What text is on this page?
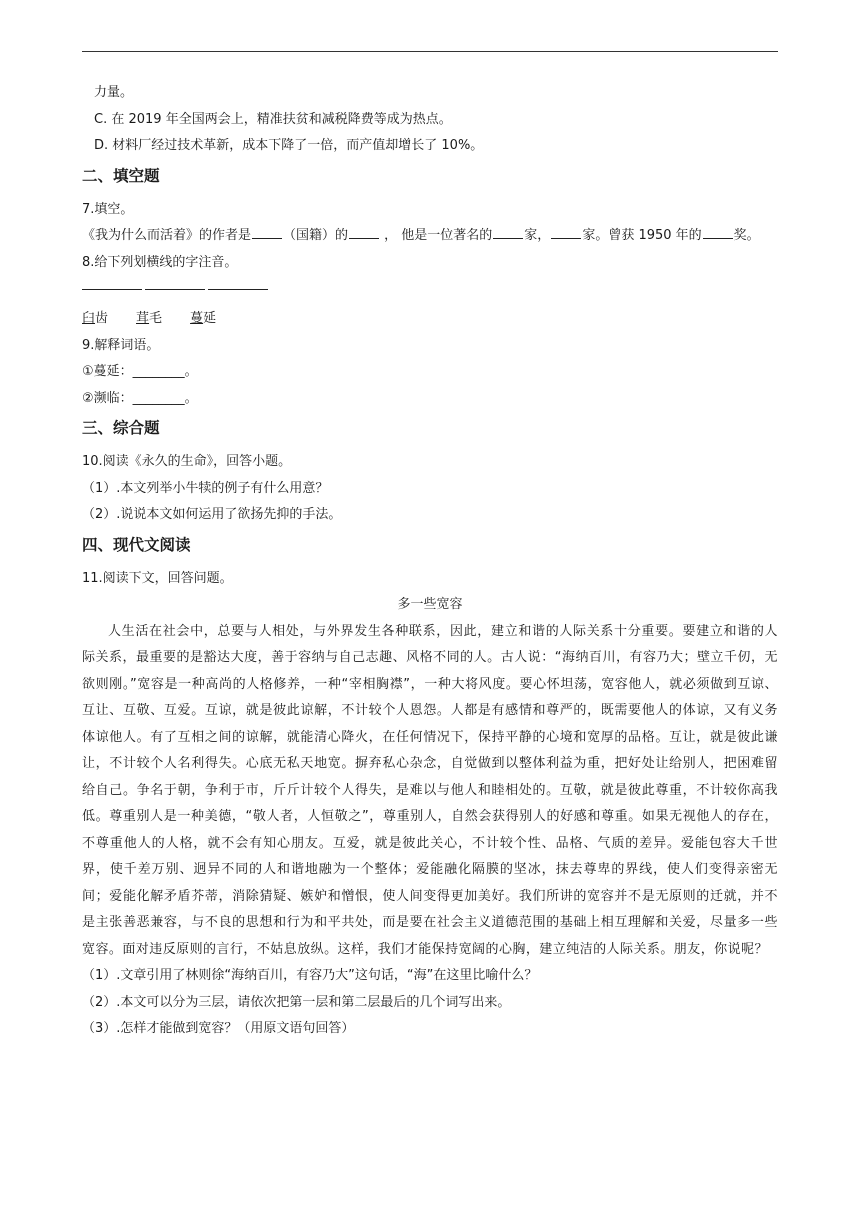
力量。
C. 在 2019 年全国两会上，精准扶贫和减税降费等成为热点。
D. 材料厂经过技术革新，成本下降了一倍，而产值却增长了 10%。
二、填空题
7.填空。
《我为什么而活着》的作者是 （国籍）的 ， 他是一位著名的 家， 家。曾获 1950 年的 奖。
8.给下列划横线的字注音。
臼齿 茸毛 蔓延
9.解释词语。
①蔓延：________。
②濒临：________。
三、综合题
10.阅读《永久的生命》，回答小题。
（1）.本文列举小牛犊的例子有什么用意？
（2）.说说本文如何运用了欲扬先抑的手法。
四、现代文阅读
11.阅读下文，回答问题。
多一些宽容

人生活在社会中，总要与人相处，与外界发生各种联系，因此，建立和谐的人际关系十分重要。要建立和谐的人际关系，最重要的是豁达大度，善于容纳与自己志趣、风格不同的人。古人说：“海纳百川，有容乃大；壁立千仞，无欲则刚。”宽容是一种高尚的人格修养，一种“宰相胸襟”，一种大将风度。要心怀坦荡，宽容他人，就必须做到互谅、互让、互敬、互爱。互谅，就是彼此谅解，不计较个人恩怨。人都是有感情和尊严的，既需要他人的体谅，又有义务体谅他人。有了互相之间的谅解，就能清心降火，在任何情况下，保持平静的心境和宽厚的品格。互让，就是彼此谦让，不计较个人名利得失。心底无私天地宽。摒弃私心杂念，自觉做到以整体利益为重，把好处让给别人，把困难留给自己。争名于朝，争利于市，斤斤计较个人得失，是难以与他人和睦相处的。互敬，就是彼此尊重，不计较你高我低。尊重别人是一种美德，“敬人者，人恒敬之”，尊重别人，自然会获得别人的好感和尊重。如果无视他人的存在，不尊重他人的人格，就不会有知心朋友。互爱，就是彼此关心，不计较个性、品格、气质的差异。爱能包容大千世界，使千差万别、迥异不同的人和谐地融为一个整体；爱能融化隔膜的坚冰，抹去尊卑的界线，使人们变得亲密无间；爱能化解矛盾芥蒂，消除猜疑、嫉妒和憎恨，使人间变得更加美好。我们所讲的宽容并不是无原则的迁就，并不是主张善恶兼容，与不良的思想和行为和平共处，而是要在社会主义道德范围的基础上相互理解和关爱，尽量多一些宽容。面对违反原则的言行，不姑息放纵。这样，我们才能保持宽阔的心胸，建立纯洁的人际关系。朋友，你说呢？

（1）.文章引用了林则徐“海纳百川，有容乃大”这句话，“海”在这里比喻什么？
（2）.本文可以分为三层，请依次把第一层和第二层最后的几个词写出来。
（3）.怎样才能做到宽容？（用原文语句回答）
